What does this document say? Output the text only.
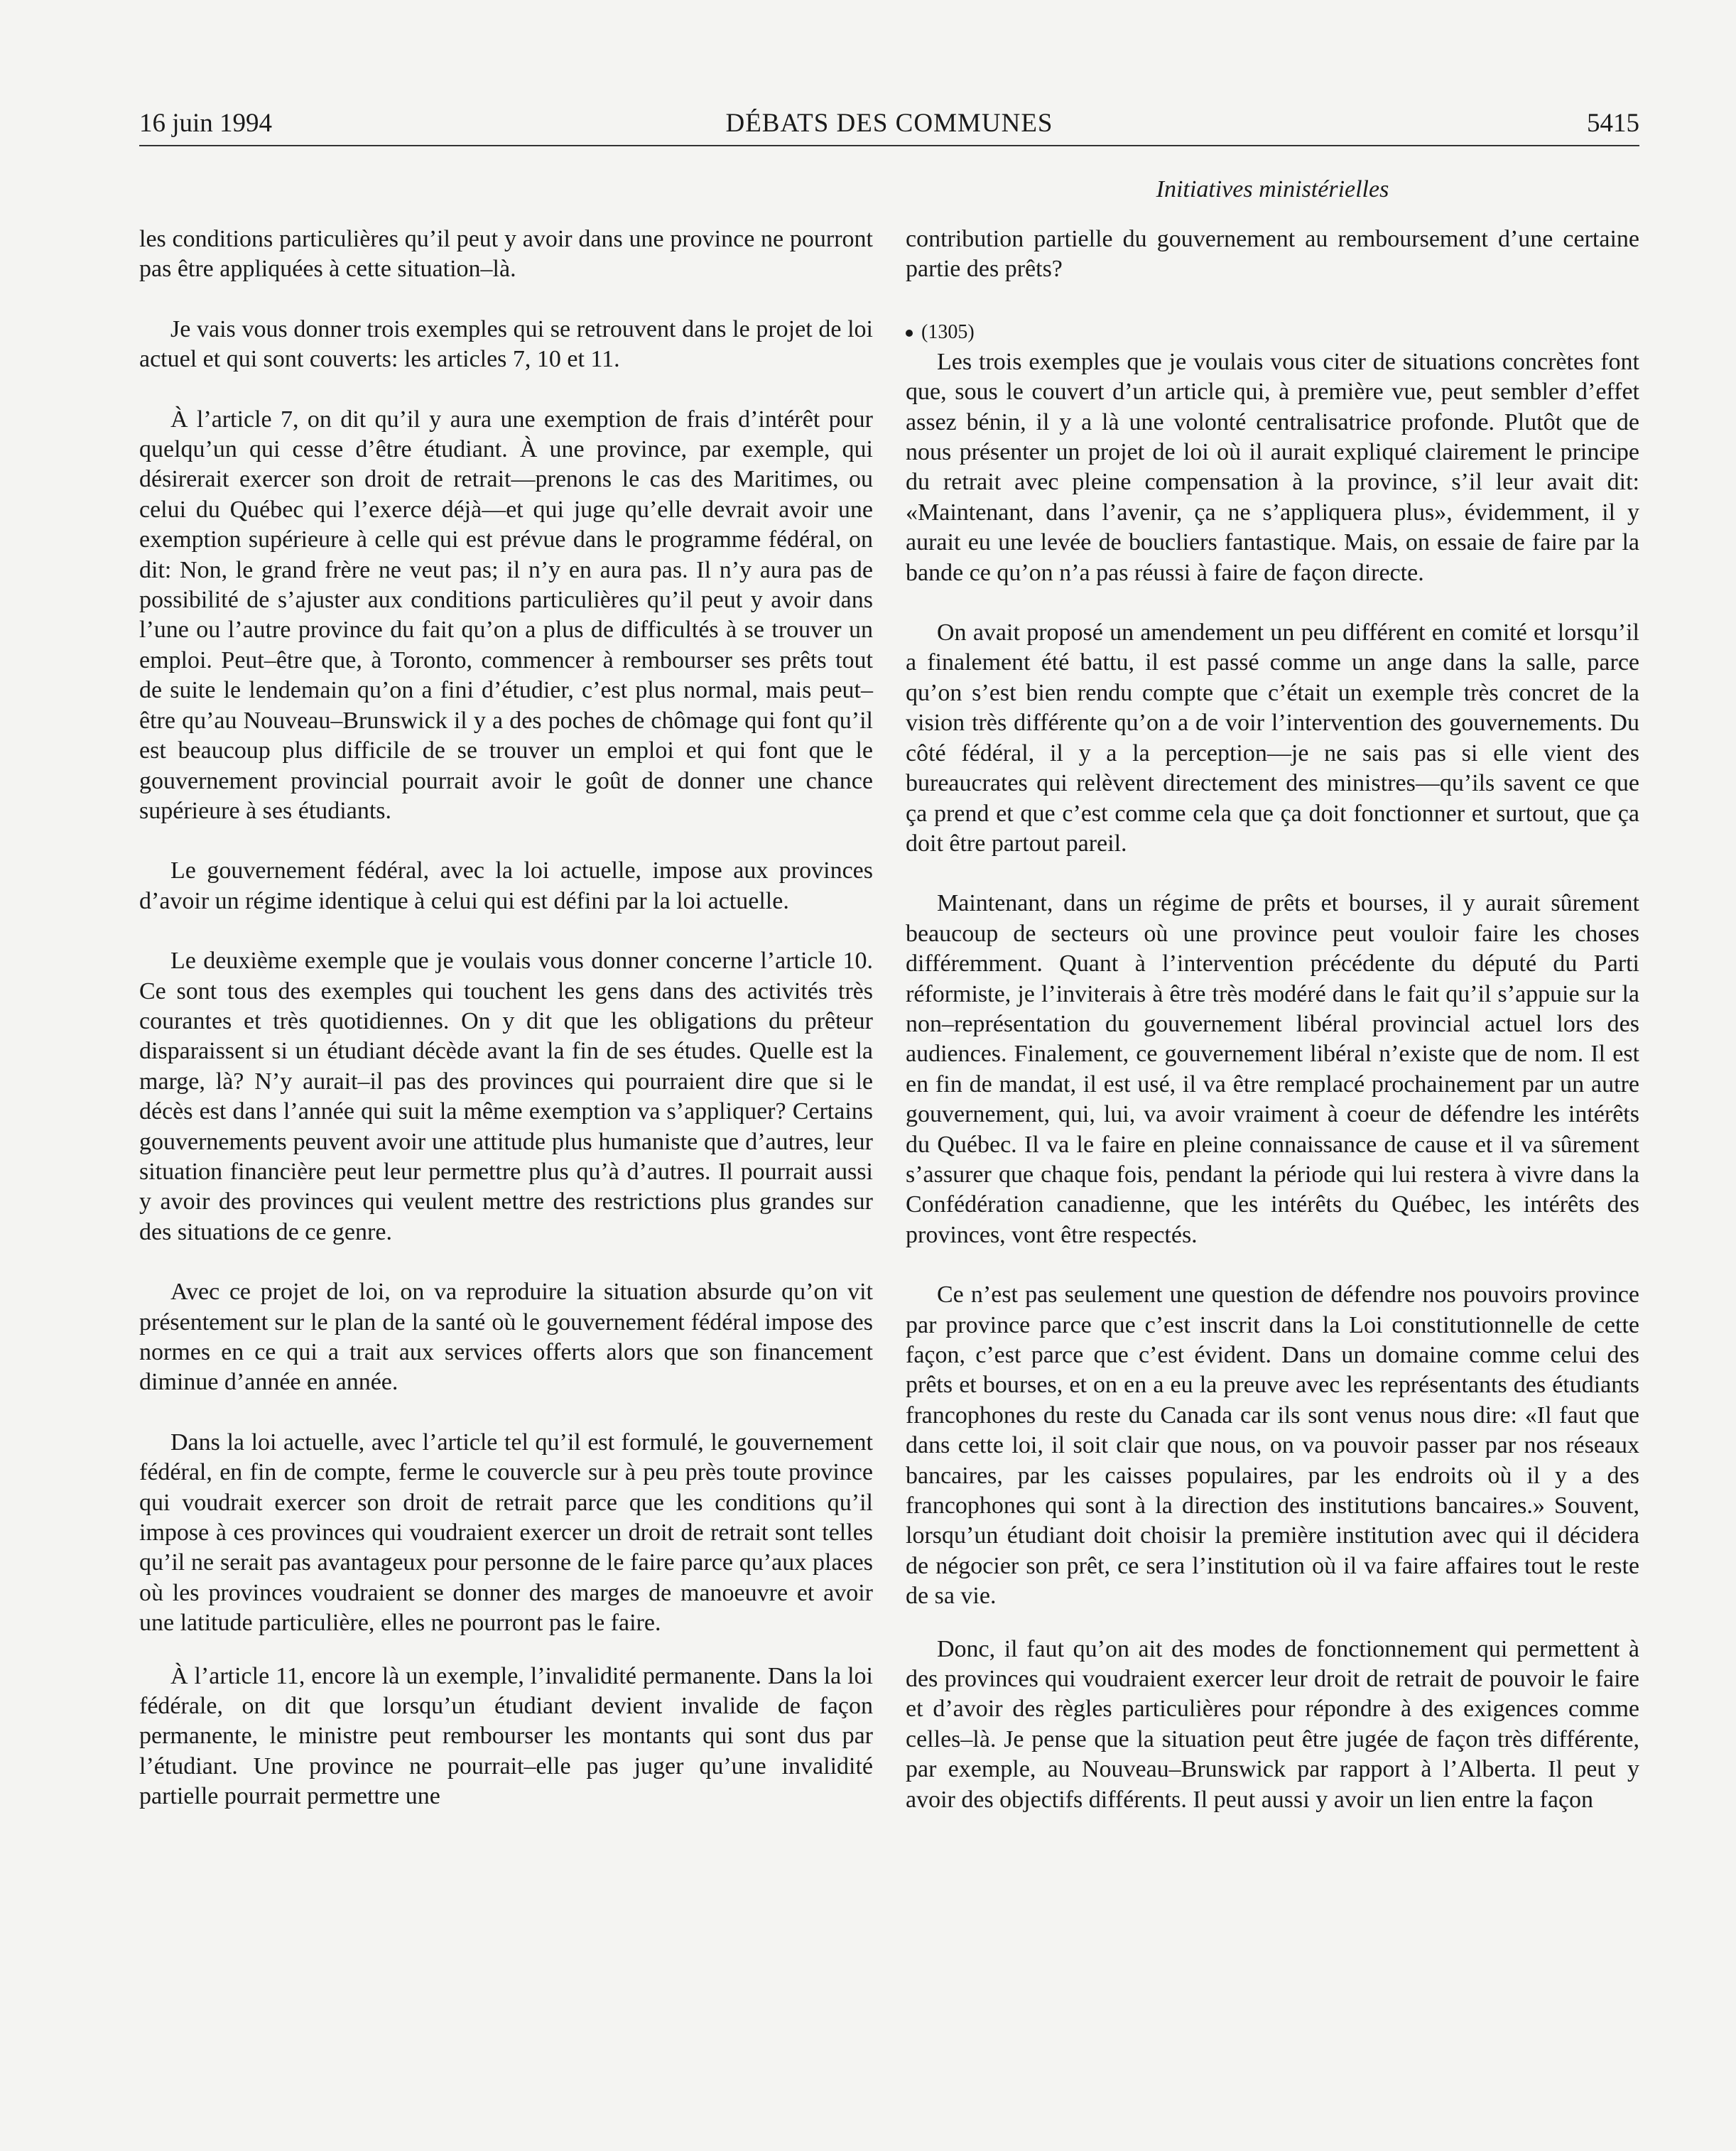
16 juin 1994	DÉBATS DES COMMUNES	5415
Initiatives ministérielles

les conditions particulières qu’il peut y avoir dans une province ne pourront pas être appliquées à cette situation–là.

Je vais vous donner trois exemples qui se retrouvent dans le projet de loi actuel et qui sont couverts: les articles 7, 10 et 11.

À l’article 7, on dit qu’il y aura une exemption de frais d’intérêt pour quelqu’un qui cesse d’être étudiant. À une province, par exemple, qui désirerait exercer son droit de retrait—prenons le cas des Maritimes, ou celui du Québec qui l’exerce déjà—et qui juge qu’elle devrait avoir une exemption supérieure à celle qui est prévue dans le programme fédéral, on dit: Non, le grand frère ne veut pas; il n’y en aura pas. Il n’y aura pas de possibilité de s’ajuster aux conditions particulières qu’il peut y avoir dans l’une ou l’autre province du fait qu’on a plus de difficultés à se trouver un emploi. Peut–être que, à Toronto, commencer à rembourser ses prêts tout de suite le lendemain qu’on a fini d’étudier, c’est plus normal, mais peut–être qu’au Nouveau–Brunswick il y a des poches de chômage qui font qu’il est beaucoup plus difficile de se trouver un emploi et qui font que le gouvernement provincial pourrait avoir le goût de donner une chance supérieure à ses étudiants.

Le gouvernement fédéral, avec la loi actuelle, impose aux provinces d’avoir un régime identique à celui qui est défini par la loi actuelle.

Le deuxième exemple que je voulais vous donner concerne l’article 10. Ce sont tous des exemples qui touchent les gens dans des activités très courantes et très quotidiennes. On y dit que les obligations du prêteur disparaissent si un étudiant décède avant la fin de ses études. Quelle est la marge, là? N’y aurait–il pas des provinces qui pourraient dire que si le décès est dans l’année qui suit la même exemption va s’appliquer? Certains gouvernements peuvent avoir une attitude plus humaniste que d’autres, leur situation financière peut leur permettre plus qu’à d’autres. Il pourrait aussi y avoir des provinces qui veulent mettre des restrictions plus grandes sur des situations de ce genre.

Avec ce projet de loi, on va reproduire la situation absurde qu’on vit présentement sur le plan de la santé où le gouvernement fédéral impose des normes en ce qui a trait aux services offerts alors que son financement diminue d’année en année.

Dans la loi actuelle, avec l’article tel qu’il est formulé, le gouvernement fédéral, en fin de compte, ferme le couvercle sur à peu près toute province qui voudrait exercer son droit de retrait parce que les conditions qu’il impose à ces provinces qui voudraient exercer un droit de retrait sont telles qu’il ne serait pas avantageux pour personne de le faire parce qu’aux places où les provinces voudraient se donner des marges de manoeuvre et avoir une latitude particulière, elles ne pourront pas le faire.

À l’article 11, encore là un exemple, l’invalidité permanente. Dans la loi fédérale, on dit que lorsqu’un étudiant devient invalide de façon permanente, le ministre peut rembourser les montants qui sont dus par l’étudiant. Une province ne pourrait–elle pas juger qu’une invalidité partielle pourrait permettre une

contribution partielle du gouvernement au remboursement d’une certaine partie des prêts?

(1305)

Les trois exemples que je voulais vous citer de situations concrètes font que, sous le couvert d’un article qui, à première vue, peut sembler d’effet assez bénin, il y a là une volonté centralisatrice profonde. Plutôt que de nous présenter un projet de loi où il aurait expliqué clairement le principe du retrait avec pleine compensation à la province, s’il leur avait dit: «Maintenant, dans l’avenir, ça ne s’appliquera plus», évidemment, il y aurait eu une levée de boucliers fantastique. Mais, on essaie de faire par la bande ce qu’on n’a pas réussi à faire de façon directe.

On avait proposé un amendement un peu différent en comité et lorsqu’il a finalement été battu, il est passé comme un ange dans la salle, parce qu’on s’est bien rendu compte que c’était un exemple très concret de la vision très différente qu’on a de voir l’intervention des gouvernements. Du côté fédéral, il y a la perception—je ne sais pas si elle vient des bureaucrates qui relèvent directement des ministres—qu’ils savent ce que ça prend et que c’est comme cela que ça doit fonctionner et surtout, que ça doit être partout pareil.

Maintenant, dans un régime de prêts et bourses, il y aurait sûrement beaucoup de secteurs où une province peut vouloir faire les choses différemment. Quant à l’intervention précédente du député du Parti réformiste, je l’inviterais à être très modéré dans le fait qu’il s’appuie sur la non–représentation du gouvernement libéral provincial actuel lors des audiences. Finalement, ce gouvernement libéral n’existe que de nom. Il est en fin de mandat, il est usé, il va être remplacé prochainement par un autre gouvernement, qui, lui, va avoir vraiment à coeur de défendre les intérêts du Québec. Il va le faire en pleine connaissance de cause et il va sûrement s’assurer que chaque fois, pendant la période qui lui restera à vivre dans la Confédération canadienne, que les intérêts du Québec, les intérêts des provinces, vont être respectés.

Ce n’est pas seulement une question de défendre nos pouvoirs province par province parce que c’est inscrit dans la Loi constitutionnelle de cette façon, c’est parce que c’est évident. Dans un domaine comme celui des prêts et bourses, et on en a eu la preuve avec les représentants des étudiants francophones du reste du Canada car ils sont venus nous dire: «Il faut que dans cette loi, il soit clair que nous, on va pouvoir passer par nos réseaux bancaires, par les caisses populaires, par les endroits où il y a des francophones qui sont à la direction des institutions bancaires.» Souvent, lorsqu’un étudiant doit choisir la première institution avec qui il décidera de négocier son prêt, ce sera l’institution où il va faire affaires tout le reste de sa vie.

Donc, il faut qu’on ait des modes de fonctionnement qui permettent à des provinces qui voudraient exercer leur droit de retrait de pouvoir le faire et d’avoir des règles particulières pour répondre à des exigences comme celles–là. Je pense que la situation peut être jugée de façon très différente, par exemple, au Nouveau–Brunswick par rapport à l’Alberta. Il peut y avoir des objectifs différents. Il peut aussi y avoir un lien entre la façon
